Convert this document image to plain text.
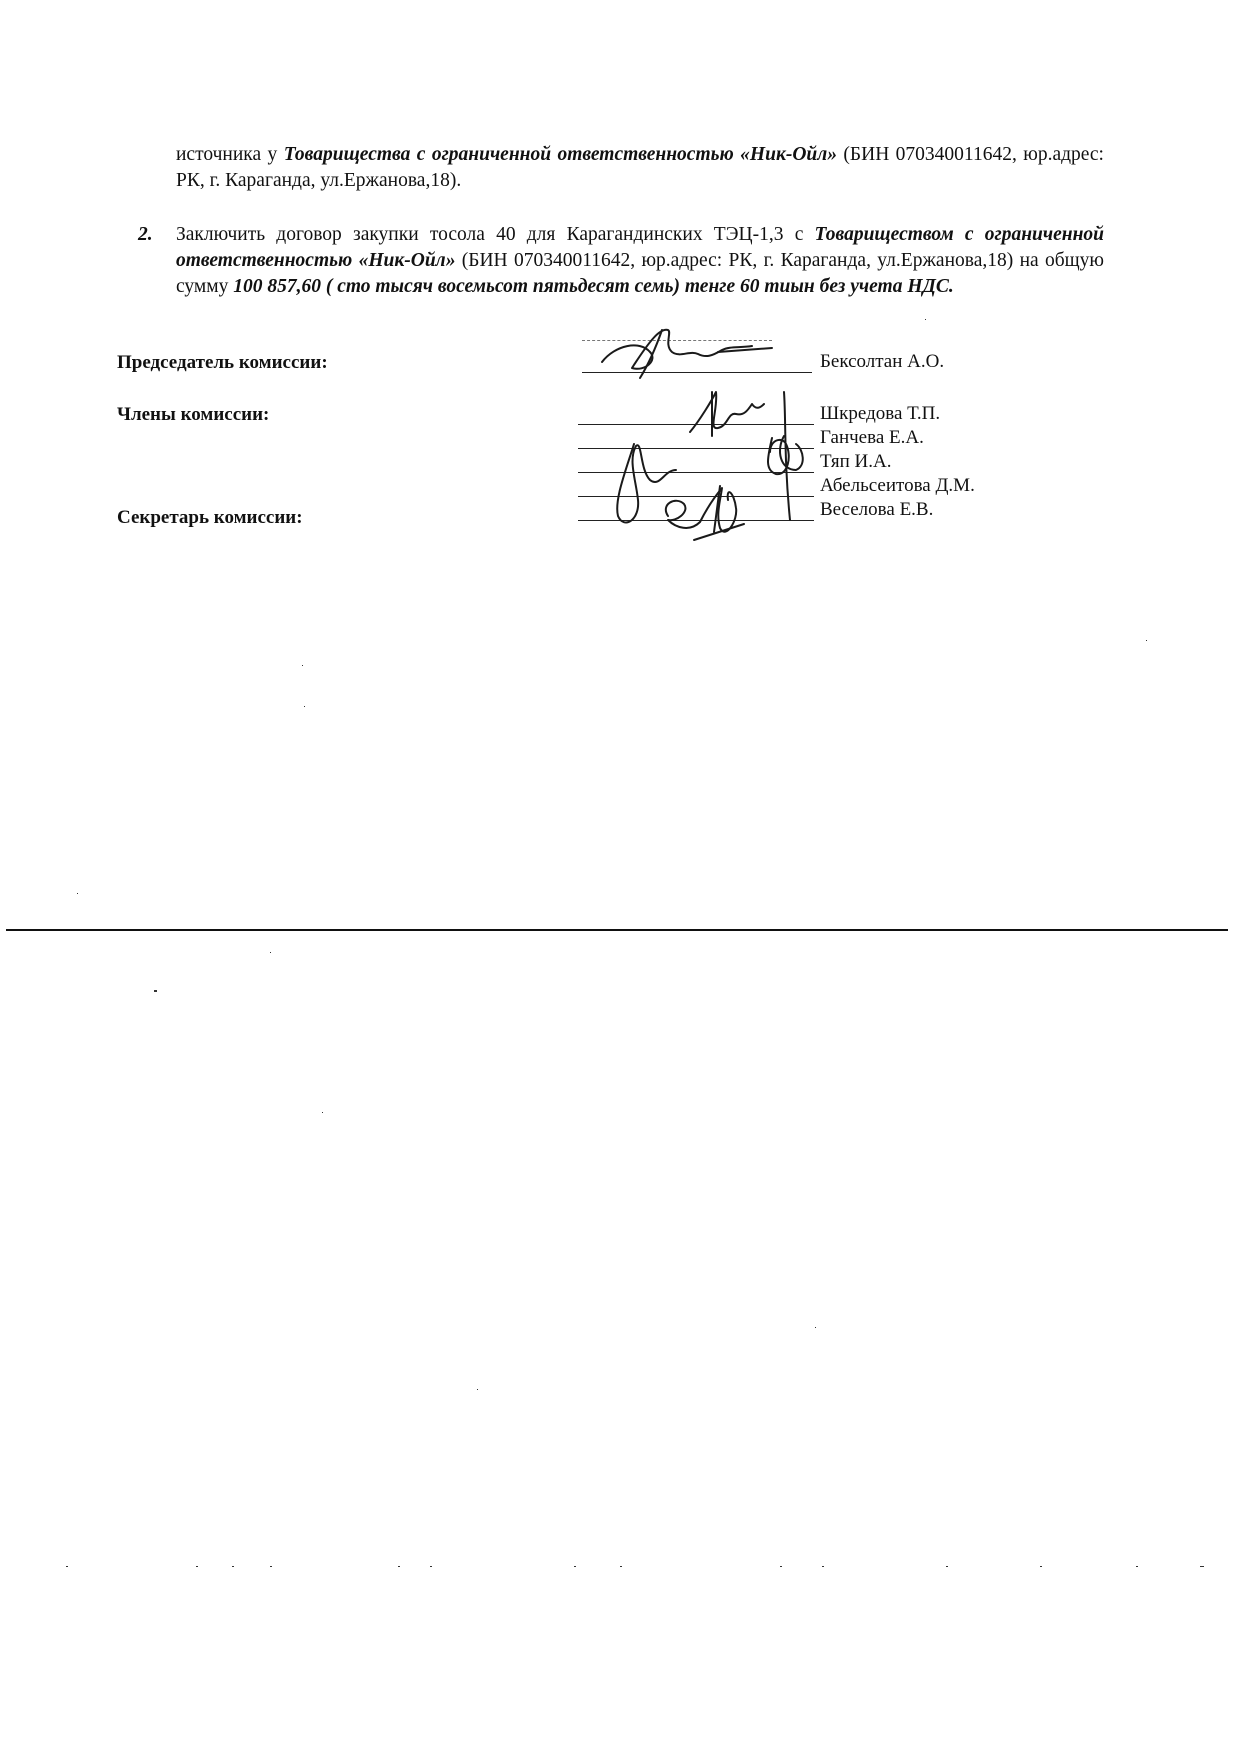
источника у Товарищества с ограниченной ответственностью «Ник-Ойл» (БИН 070340011642, юр.адрес: РК, г. Караганда, ул.Ержанова,18).
2. Заключить договор закупки тосола 40 для Карагандинских ТЭЦ-1,3 с Товариществом с ограниченной ответственностью «Ник-Ойл» (БИН 070340011642, юр.адрес: РК, г. Караганда, ул.Ержанова,18) на общую сумму 100 857,60 ( сто тысяч восемьсот пятьдесят семь) тенге 60 тиын без учета НДС.
Председатель комиссии:
Члены комиссии:
Секретарь комиссии:
Бексолтан А.О.
Шкредова Т.П.
Ганчева Е.А.
Тяп И.А.
Абельсеитова Д.М.
Веселова Е.В.
